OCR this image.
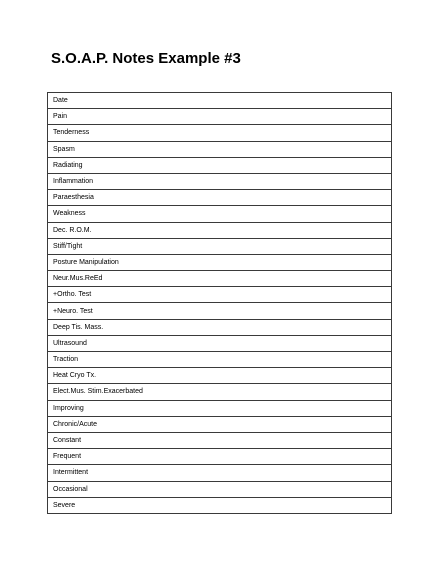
S.O.A.P. Notes Example #3
Date
Pain
Tenderness
Spasm
Radiating
Inflammation
Paraesthesia
Weakness
Dec. R.O.M.
Stiff/Tight
Posture Manipulation
Neur.Mus.ReEd
+Ortho. Test
+Neuro. Test
Deep Tis. Mass.
Ultrasound
Traction
Heat Cryo Tx.
Elect.Mus. Stim.Exacerbated
Improving
Chronic/Acute
Constant
Frequent
Intermittent
Occasional
Severe
